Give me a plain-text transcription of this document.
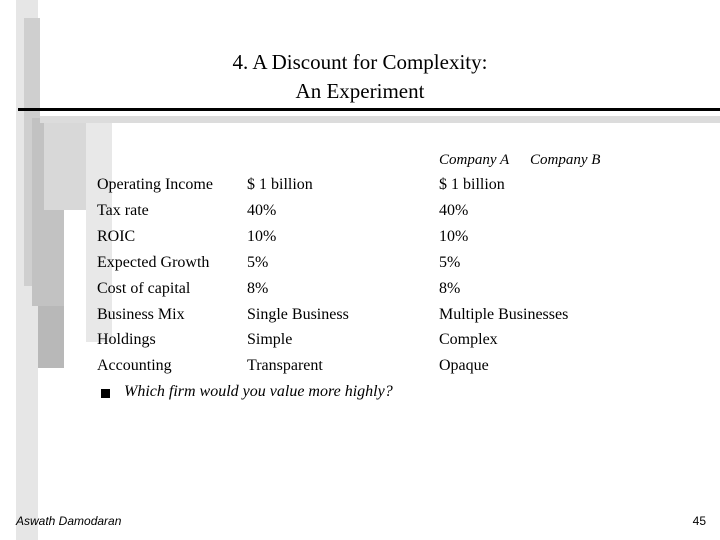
4. A Discount for Complexity:
An Experiment
Company A Company B
Operating Income $ 1 billion	$ 1 billion
Tax rate	40%	40%
ROIC	10%	10%
Expected Growth 5%	5%
Cost of capital	8%	8%
Business Mix	Single Business	Multiple Businesses
Holdings	Simple	Complex
Accounting	Transparent	Opaque
Which firm would you value more highly?
Aswath Damodaran	45
